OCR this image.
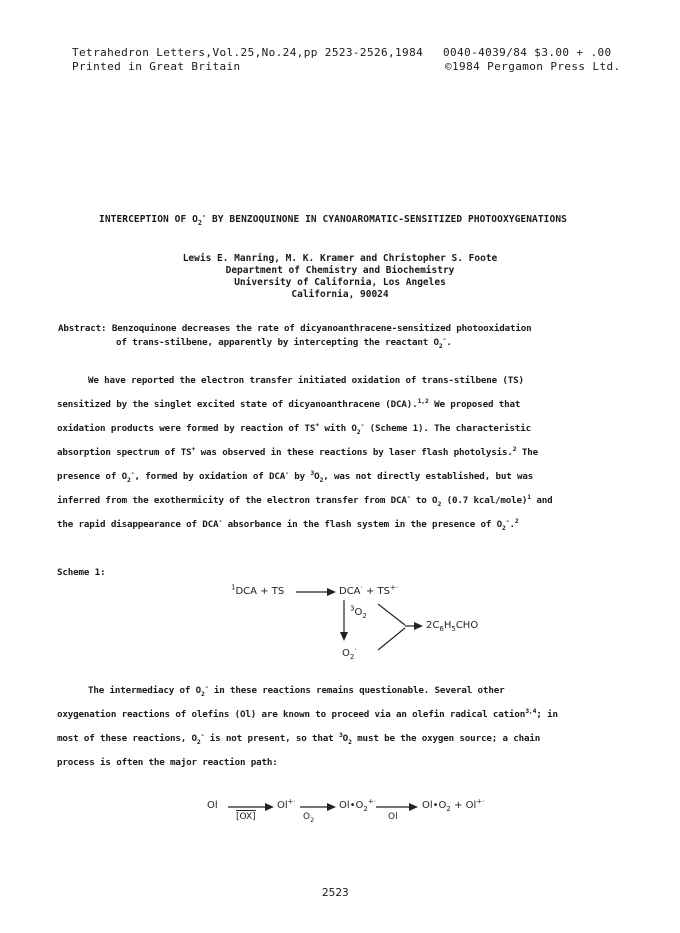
Tetrahedron Letters,Vol.25,No.24,pp 2523-2526,1984 0040-4039/84 $3.00 + .00
Printed in Great Britain	©1984 Pergamon Press Ltd.
INTERCEPTION OF $O_2^-$ BY BENZOQUINONE IN CYANOAROMATIC-SENSITIZED PHOTOOXYGENATIONS
Lewis E. Manring, M. K. Kramer and Christopher S. Foote
Department of Chemistry and Biochemistry
University of California, Los Angeles
California, 90024
Abstract: Benzoquinone decreases the rate of dicyanoanthracene-sensitized photooxidation
of trans-stilbene, apparently by intercepting the reactant $O_2^-$.
We have reported the electron transfer initiated oxidation of trans-stilbene (TS)
sensitized by the singlet excited state of dicyanoanthracene (DCA).$^{1,2}$ We proposed that
oxidation products were formed by reaction of TS+ with $O_2^-$ (Scheme 1). The characteristic
absorption spectrum of TS+ was observed in these reactions by laser flash photolysis.$^2$ The
presence of $O_2^-$, formed by oxidation of DCA- by $^3O_2$, was not directly established, but was
inferred from the exothermicity of the electron transfer from DCA- to $O_2$ (0.7 kcal/mole)$^1$ and
the rapid disappearance of DCA- absorbance in the flash system in the presence of $O_2^-.^2$
Scheme 1:
$^1$DCA + TS	DCA· + TS+·
$^3O_2$
$2C_6H_5CHO$
$O_2^\cdot$
The intermediacy of $O_2^-$ in these reactions remains questionable. Several other
oxygenation reactions of olefins (Ol) are known to proceed via an olefin radical cation$^{3,4}$; in
most of these reactions, $O_2^-$ is not present, so that $^3O_2$ must be the oxygen source; a chain
process is often the major reaction path:
Ol
[OX]
Ol+·
$O_2$
$Ol•O_2^{+\cdot}$
Ol
$Ol•O_2 + Ol^{+\cdot}$
2523
